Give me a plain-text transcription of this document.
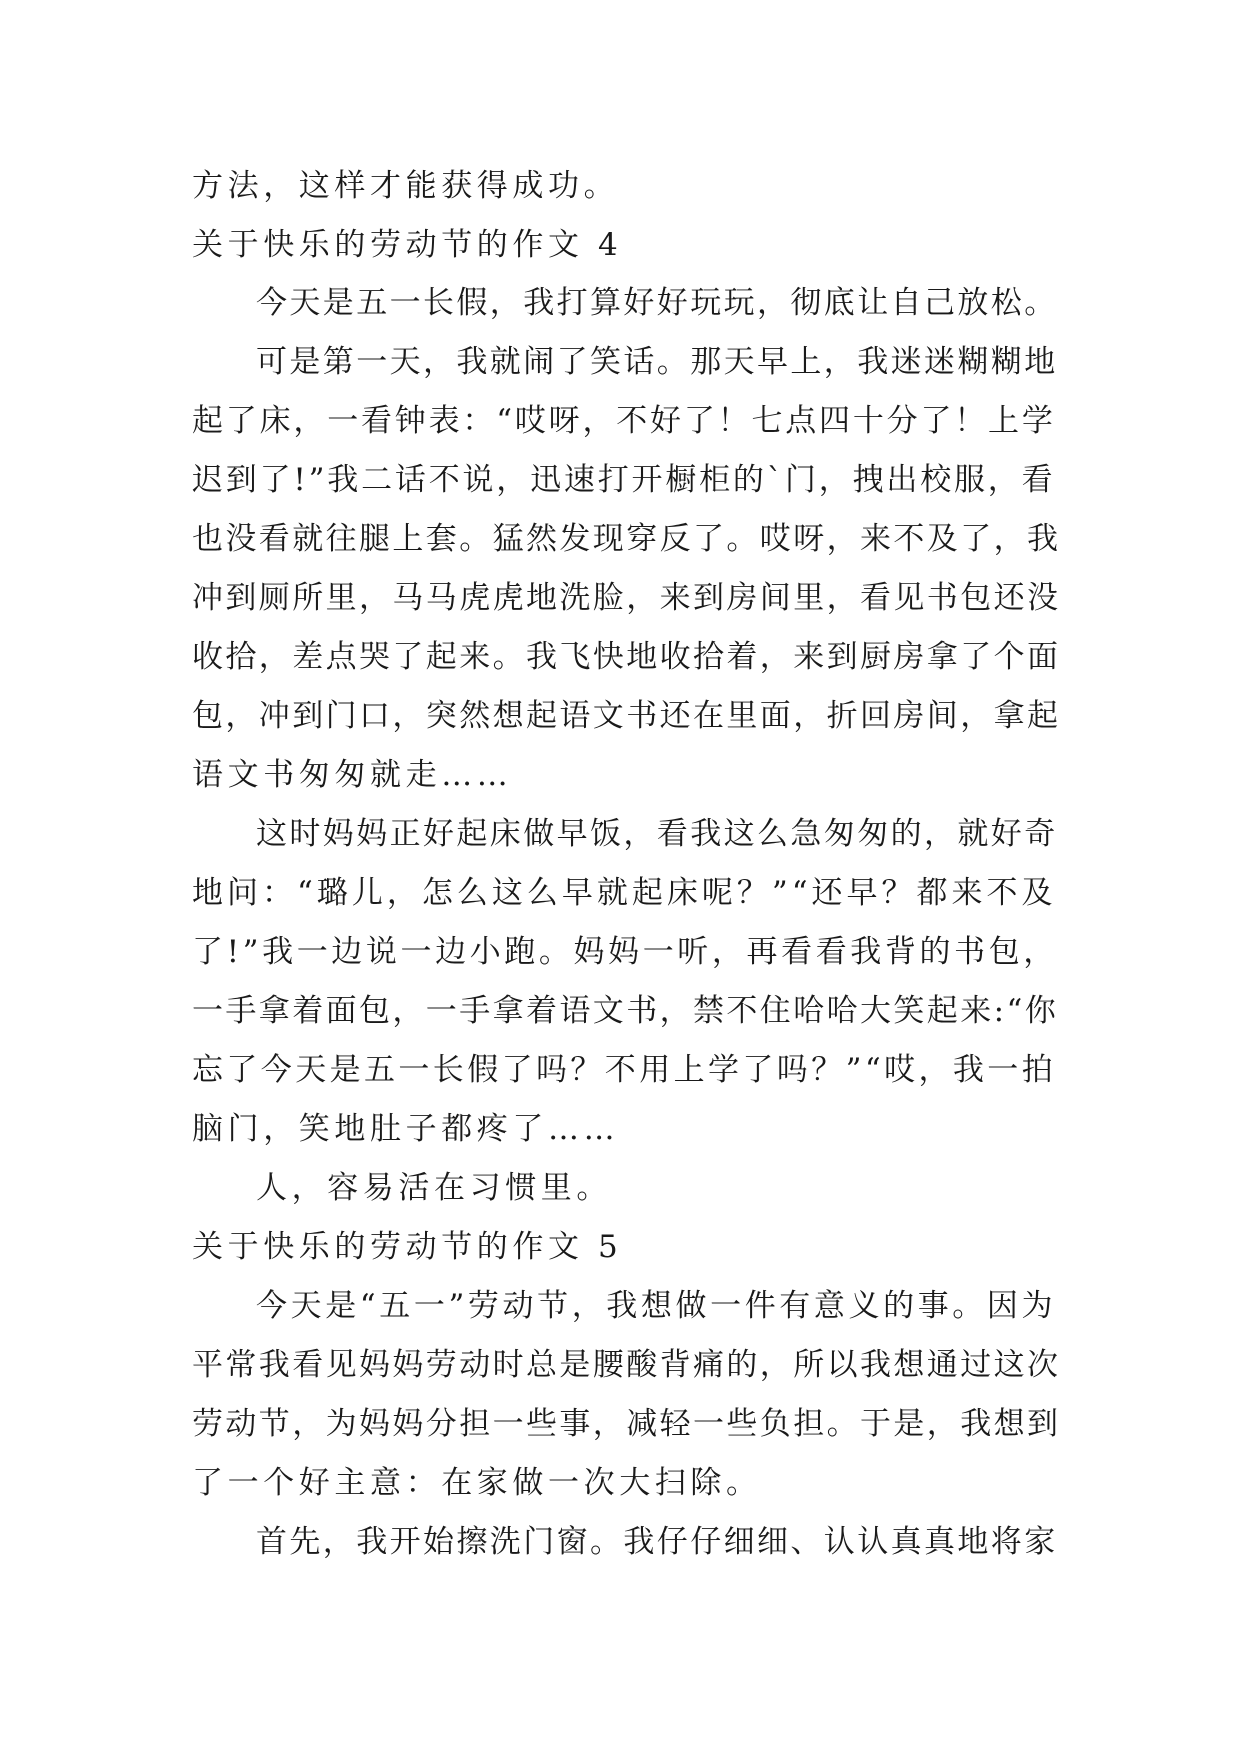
方法，这样才能获得成功。
关于快乐的劳动节的作文 4
今天是五一长假，我打算好好玩玩，彻底让自己放松。
可是第一天，我就闹了笑话。那天早上，我迷迷糊糊地
起了床，一看钟表：“哎呀，不好了！七点四十分了！上学
迟到了!”我二话不说，迅速打开橱柜的`门，拽出校服，看
也没看就往腿上套。猛然发现穿反了。哎呀，来不及了，我
冲到厕所里，马马虎虎地洗脸，来到房间里，看见书包还没
收拾，差点哭了起来。我飞快地收拾着，来到厨房拿了个面
包，冲到门口，突然想起语文书还在里面，折回房间，拿起
语文书匆匆就走……
这时妈妈正好起床做早饭，看我这么急匆匆的，就好奇
地问：“璐儿，怎么这么早就起床呢？”“还早？都来不及
了!”我一边说一边小跑。妈妈一听，再看看我背的书包，
一手拿着面包，一手拿着语文书，禁不住哈哈大笑起来:“你
忘了今天是五一长假了吗？不用上学了吗？”“哎，我一拍
脑门，笑地肚子都疼了……
人，容易活在习惯里。
关于快乐的劳动节的作文 5
今天是“五一”劳动节，我想做一件有意义的事。因为
平常我看见妈妈劳动时总是腰酸背痛的，所以我想通过这次
劳动节，为妈妈分担一些事，减轻一些负担。于是，我想到
了一个好主意：在家做一次大扫除。
首先，我开始擦洗门窗。我仔仔细细、认认真真地将家
